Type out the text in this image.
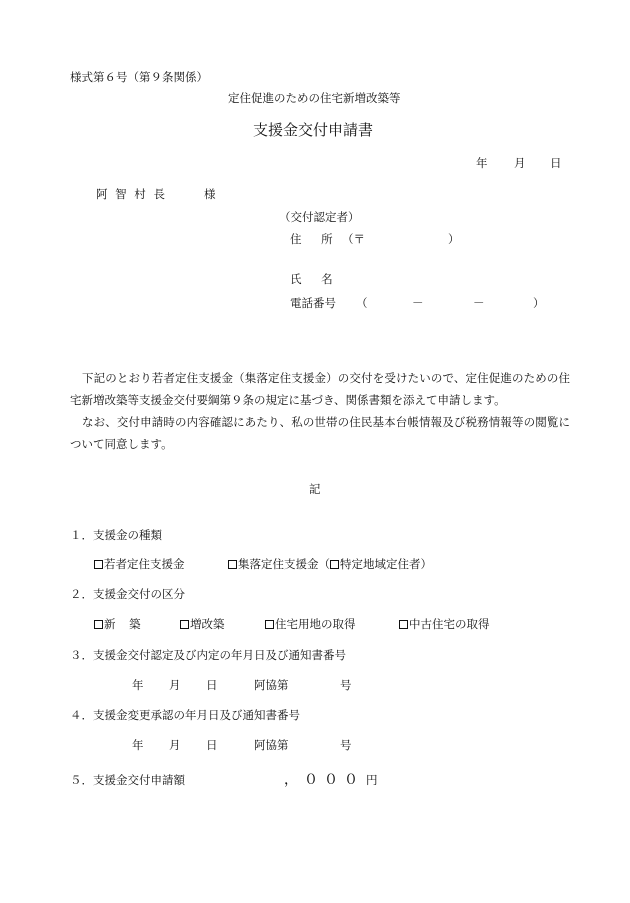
様式第６号（第９条関係）
定住促進のための住宅新増改築等
支援金交付申請書
年 月 日
阿 智 村 長	様
（交付認定者）
住 所 （〒	）
氏 名
電話番号 （	－	－	）
下記のとおり若者定住支援金（集落定住支援金）の交付を受けたいので、定住促進のための住宅新増改築等支援金交付要綱第９条の規定に基づき、関係書類を添えて申請します。
なお、交付申請時の内容確認にあたり、私の世帯の住民基本台帳情報及び税務情報等の閲覧について同意します。
記
１．支援金の種類
若者定住支援金	集落定住支援金（ 特定地域定住者）
２．支援金交付の区分
新 築	増改築	住宅用地の取得	中古住宅の取得
３．支援金交付認定及び内定の年月日及び通知書番号
年 月 日	阿協第	号
４．支援金変更承認の年月日及び通知書番号
年 月 日	阿協第	号
５．支援金交付申請額	，０００ 円
